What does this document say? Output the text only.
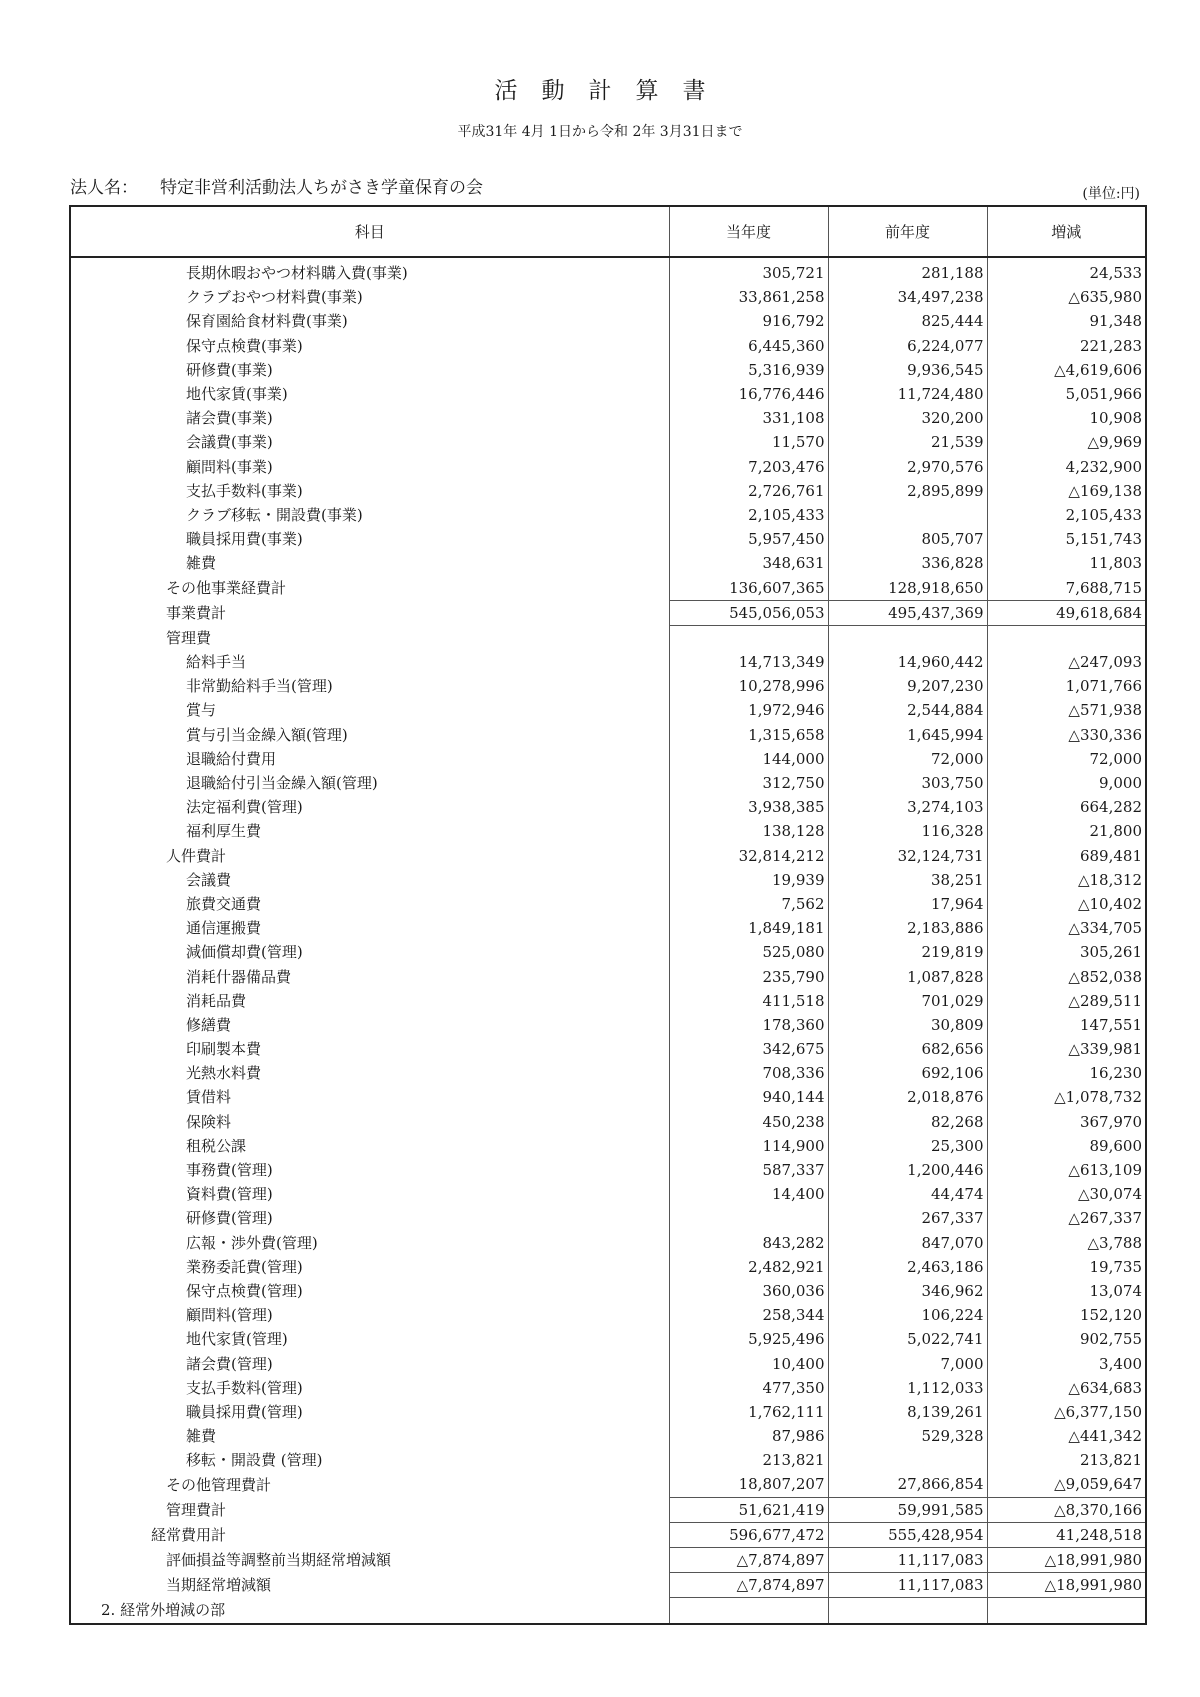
活動計算書
平成31年 4月 1日から令和 2年 3月31日まで
法人名： 特定非営利活動法人ちがさき学童保育の会	(単位:円)
科目	当年度	前年度	増減
長期休暇おやつ材料購入費(事業)	305,721	281,188	24,533
クラブおやつ材料費(事業)	33,861,258	34,497,238	△635,980
保育園給食材料費(事業)	916,792	825,444	91,348
保守点検費(事業)	6,445,360	6,224,077	221,283
研修費(事業)	5,316,939	9,936,545	△4,619,606
地代家賃(事業)	16,776,446	11,724,480	5,051,966
諸会費(事業)	331,108	320,200	10,908
会議費(事業)	11,570	21,539	△9,969
顧問料(事業)	7,203,476	2,970,576	4,232,900
支払手数料(事業)	2,726,761	2,895,899	△169,138
クラブ移転・開設費(事業)	2,105,433		2,105,433
職員採用費(事業)	5,957,450	805,707	5,151,743
雑費	348,631	336,828	11,803
その他事業経費計	136,607,365	128,918,650	7,688,715
事業費計	545,056,053	495,437,369	49,618,684
管理費			
給料手当	14,713,349	14,960,442	△247,093
非常勤給料手当(管理)	10,278,996	9,207,230	1,071,766
賞与	1,972,946	2,544,884	△571,938
賞与引当金繰入額(管理)	1,315,658	1,645,994	△330,336
退職給付費用	144,000	72,000	72,000
退職給付引当金繰入額(管理)	312,750	303,750	9,000
法定福利費(管理)	3,938,385	3,274,103	664,282
福利厚生費	138,128	116,328	21,800
人件費計	32,814,212	32,124,731	689,481
会議費	19,939	38,251	△18,312
旅費交通費	7,562	17,964	△10,402
通信運搬費	1,849,181	2,183,886	△334,705
減価償却費(管理)	525,080	219,819	305,261
消耗什器備品費	235,790	1,087,828	△852,038
消耗品費	411,518	701,029	△289,511
修繕費	178,360	30,809	147,551
印刷製本費	342,675	682,656	△339,981
光熱水料費	708,336	692,106	16,230
賃借料	940,144	2,018,876	△1,078,732
保険料	450,238	82,268	367,970
租税公課	114,900	25,300	89,600
事務費(管理)	587,337	1,200,446	△613,109
資料費(管理)	14,400	44,474	△30,074
研修費(管理)		267,337	△267,337
広報・渉外費(管理)	843,282	847,070	△3,788
業務委託費(管理)	2,482,921	2,463,186	19,735
保守点検費(管理)	360,036	346,962	13,074
顧問料(管理)	258,344	106,224	152,120
地代家賃(管理)	5,925,496	5,022,741	902,755
諸会費(管理)	10,400	7,000	3,400
支払手数料(管理)	477,350	1,112,033	△634,683
職員採用費(管理)	1,762,111	8,139,261	△6,377,150
雑費	87,986	529,328	△441,342
移転・開設費 (管理)	213,821		213,821
その他管理費計	18,807,207	27,866,854	△9,059,647
管理費計	51,621,419	59,991,585	△8,370,166
経常費用計	596,677,472	555,428,954	41,248,518
評価損益等調整前当期経常増減額	△7,874,897	11,117,083	△18,991,980
当期経常増減額	△7,874,897	11,117,083	△18,991,980
2. 経常外増減の部			
